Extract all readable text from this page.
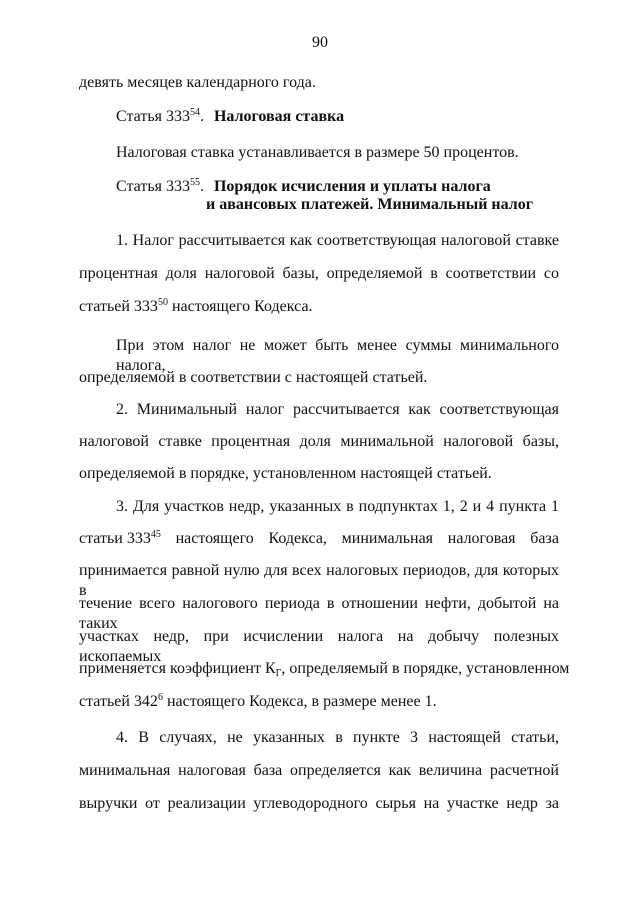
90
девять месяцев календарного года.
Статья $333^{54}$. Налоговая ставка
Налоговая ставка устанавливается в размере 50 процентов.
Статья $333^{55}$. Порядок исчисления и уплаты налога
и авансовых платежей. Минимальный налог
1. Налог рассчитывается как соответствующая налоговой ставке
процентная доля налоговой базы, определяемой в соответствии со
статьей $333^{50}$ настоящего Кодекса.
При этом налог не может быть менее суммы минимального налога,
определяемой в соответствии с настоящей статьей.
2. Минимальный налог рассчитывается как соответствующая
налоговой ставке процентная доля минимальной налоговой базы,
определяемой в порядке, установленном настоящей статьей.
3. Для участков недр, указанных в подпунктах 1, 2 и 4 пункта 1
статьи $333^{45}$ настоящего Кодекса, минимальная налоговая база
принимается равной нулю для всех налоговых периодов, для которых в
течение всего налогового периода в отношении нефти, добытой на таких
участках недр, при исчислении налога на добычу полезных ископаемых
применяется коэффициент $К_Г$, определяемый в порядке, установленном
статьей $342^6$ настоящего Кодекса, в размере менее 1.
4. В случаях, не указанных в пункте 3 настоящей статьи,
минимальная налоговая база определяется как величина расчетной
выручки от реализации углеводородного сырья на участке недр за
